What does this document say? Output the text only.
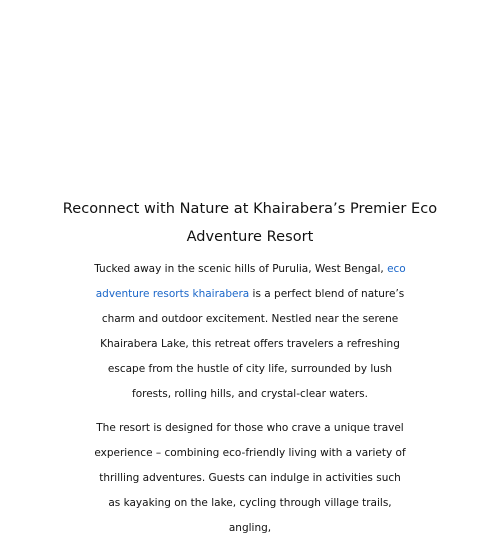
Reconnect with Nature at Khairabera’s Premier Eco Adventure Resort

Tucked away in the scenic hills of Purulia, West Bengal, eco adventure resorts khairabera is a perfect blend of nature’s charm and outdoor excitement. Nestled near the serene Khairabera Lake, this retreat offers travelers a refreshing escape from the hustle of city life, surrounded by lush forests, rolling hills, and crystal-clear waters.

The resort is designed for those who crave a unique travel experience – combining eco-friendly living with a variety of thrilling adventures. Guests can indulge in activities such as kayaking on the lake, cycling through village trails, angling,
